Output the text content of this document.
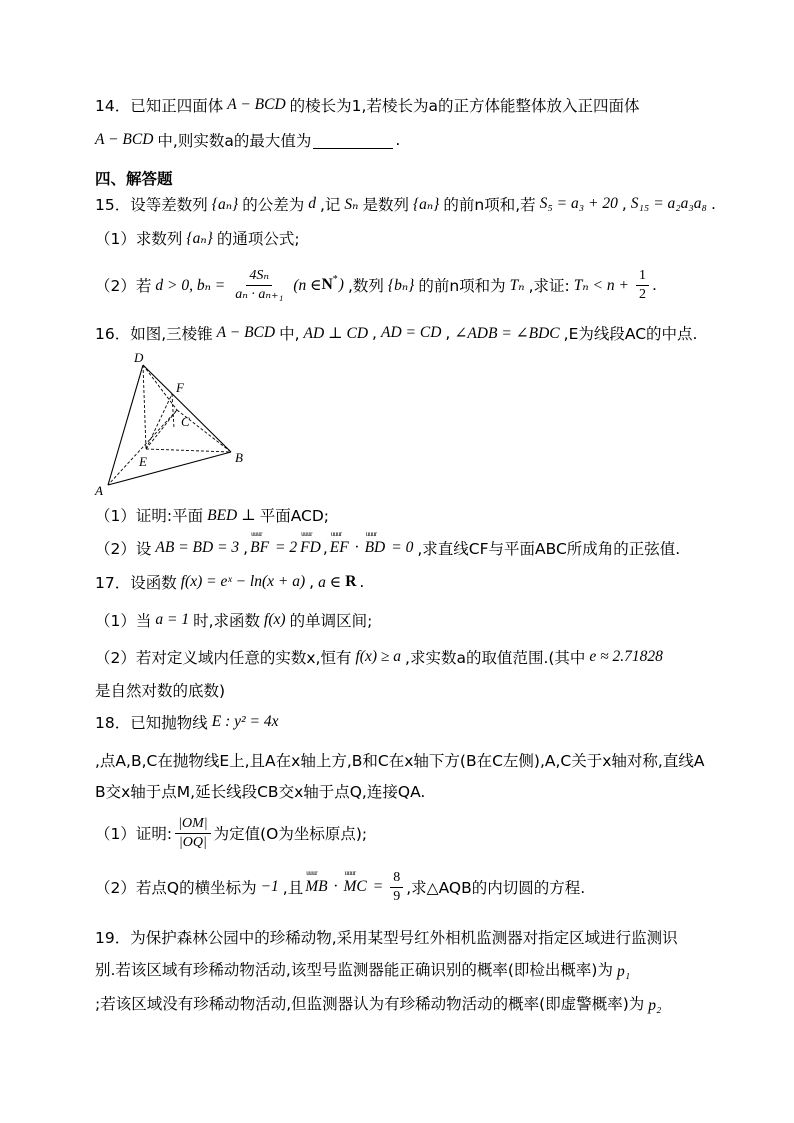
14． 已知正四面体 A − BCD 的棱长为1,若棱长为a的正方体能整体放入正四面体
A − BCD 中,则实数a的最大值为	.
四、解答题
15． 设等差数列 {aₙ} 的公差为 d ,记 Sₙ 是数列 {aₙ} 的前n项和,若 S₅ = a₃ + 20 , S₁₅ = a₂a₃a₈ .
（1） 求数列 {aₙ} 的通项公式;
（2） 若 d > 0, $b_n = \frac{\text{4Sₙ}}{\text{aₙ · aₙ₊₁}} (n$ ∈ N * ) ,数列 {bₙ} 的前n项和为 Tₙ ,求证: $T_n < n + \frac{1}{2}$ .
16． 如图,三棱锥 A − BCD 中, AD ⊥ CD , AD = CD , ∠ADB = ∠BDC ,E为线段AC的中点.
D
F
C
E	B
A
（1） 证明:平面 BED ⊥ 平面ACD;
（2） 设 AB = BD = 3 ,
uuur
BF = 2
uuur
FD ,
uuur
EF ·
uuur
BD = 0 ,求直线CF与平面ABC所成角的正弦值.
17． 设函数 f(x) = eˣ − ln(x + a) , a ∈ R .
（1） 当 a = 1 时,求函数 f(x) 的单调区间;
（2） 若对定义域内任意的实数x,恒有 f(x) ≥ a ,求实数a的取值范围.(其中 e ≈ 2.71828
是自然对数的底数)
18． 已知抛物线 E : y² = 4x
,点A,B,C在抛物线E上,且A在x轴上方,B和C在x轴下方(B在C左侧),A,C关于x轴对称,直线A
B交x轴于点M,延长线段CB交x轴于点Q,连接QA.
（1） 证明: $\frac{|OM|}{|OQ|}$ 为定值(O为坐标原点);
（2） 若点Q的横坐标为 −1 ,且
uuur
MB ·
uuur
MC = $\frac{8}{9}$ ,求△AQB的内切圆的方程.
19． 为保护森林公园中的珍稀动物,采用某型号红外相机监测器对指定区域进行监测识
别.若该区域有珍稀动物活动,该型号监测器能正确识别的概率(即检出概率)为 p₁
;若该区域没有珍稀动物活动,但监测器认为有珍稀动物活动的概率(即虚警概率)为 p₂
